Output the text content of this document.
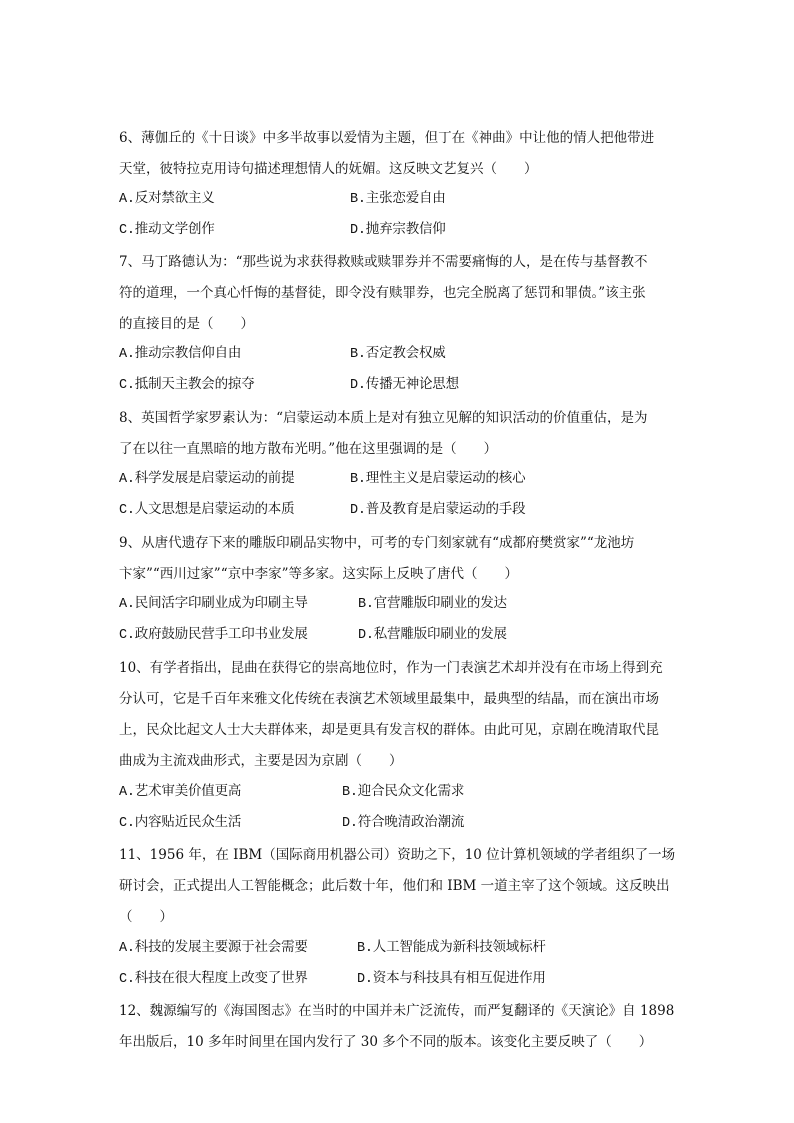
6、薄伽丘的《十日谈》中多半故事以爱情为主题，但丁在《神曲》中让他的情人把他带进
天堂，彼特拉克用诗句描述理想情人的妩媚。这反映文艺复兴（　　）
A.反对禁欲主义	B.主张恋爱自由
C.推动文学创作	D.抛弃宗教信仰
7、马丁路德认为：“那些说为求获得救赎或赎罪券并不需要痛悔的人，是在传与基督教不
符的道理，一个真心忏悔的基督徒，即令没有赎罪券，也完全脱离了惩罚和罪债。”该主张
的直接目的是（　　）
A.推动宗教信仰自由	B.否定教会权威
C.抵制天主教会的掠夺	D.传播无神论思想
8、英国哲学家罗素认为：“启蒙运动本质上是对有独立见解的知识活动的价值重估，是为
了在以往一直黑暗的地方散布光明。”他在这里强调的是（　　）
A.科学发展是启蒙运动的前提	B.理性主义是启蒙运动的核心
C.人文思想是启蒙运动的本质	D.普及教育是启蒙运动的手段
9、从唐代遗存下来的雕版印刷品实物中，可考的专门刻家就有“成都府樊赏家”“龙池坊
卞家”“西川过家”“京中李家”等多家。这实际上反映了唐代（　　）
A.民间活字印刷业成为印刷主导	B.官营雕版印刷业的发达
C.政府鼓励民营手工印书业发展	D.私营雕版印刷业的发展
10、有学者指出，昆曲在获得它的崇高地位时，作为一门表演艺术却并没有在市场上得到充
分认可，它是千百年来雅文化传统在表演艺术领域里最集中，最典型的结晶，而在演出市场
上，民众比起文人士大夫群体来，却是更具有发言权的群体。由此可见，京剧在晚清取代昆
曲成为主流戏曲形式，主要是因为京剧（　　）
A.艺术审美价值更高	B.迎合民众文化需求
C.内容贴近民众生活	D.符合晚清政治潮流
11、1956 年，在 IBM（国际商用机器公司）资助之下，10 位计算机领域的学者组织了一场
研讨会，正式提出人工智能概念；此后数十年，他们和 IBM 一道主宰了这个领域。这反映出
（　　）
A.科技的发展主要源于社会需要	B.人工智能成为新科技领域标杆
C.科技在很大程度上改变了世界	D.资本与科技具有相互促进作用
12、魏源编写的《海国图志》在当时的中国并未广泛流传，而严复翻译的《天演论》自 1898
年出版后，10 多年时间里在国内发行了 30 多个不同的版本。该变化主要反映了（　　）
